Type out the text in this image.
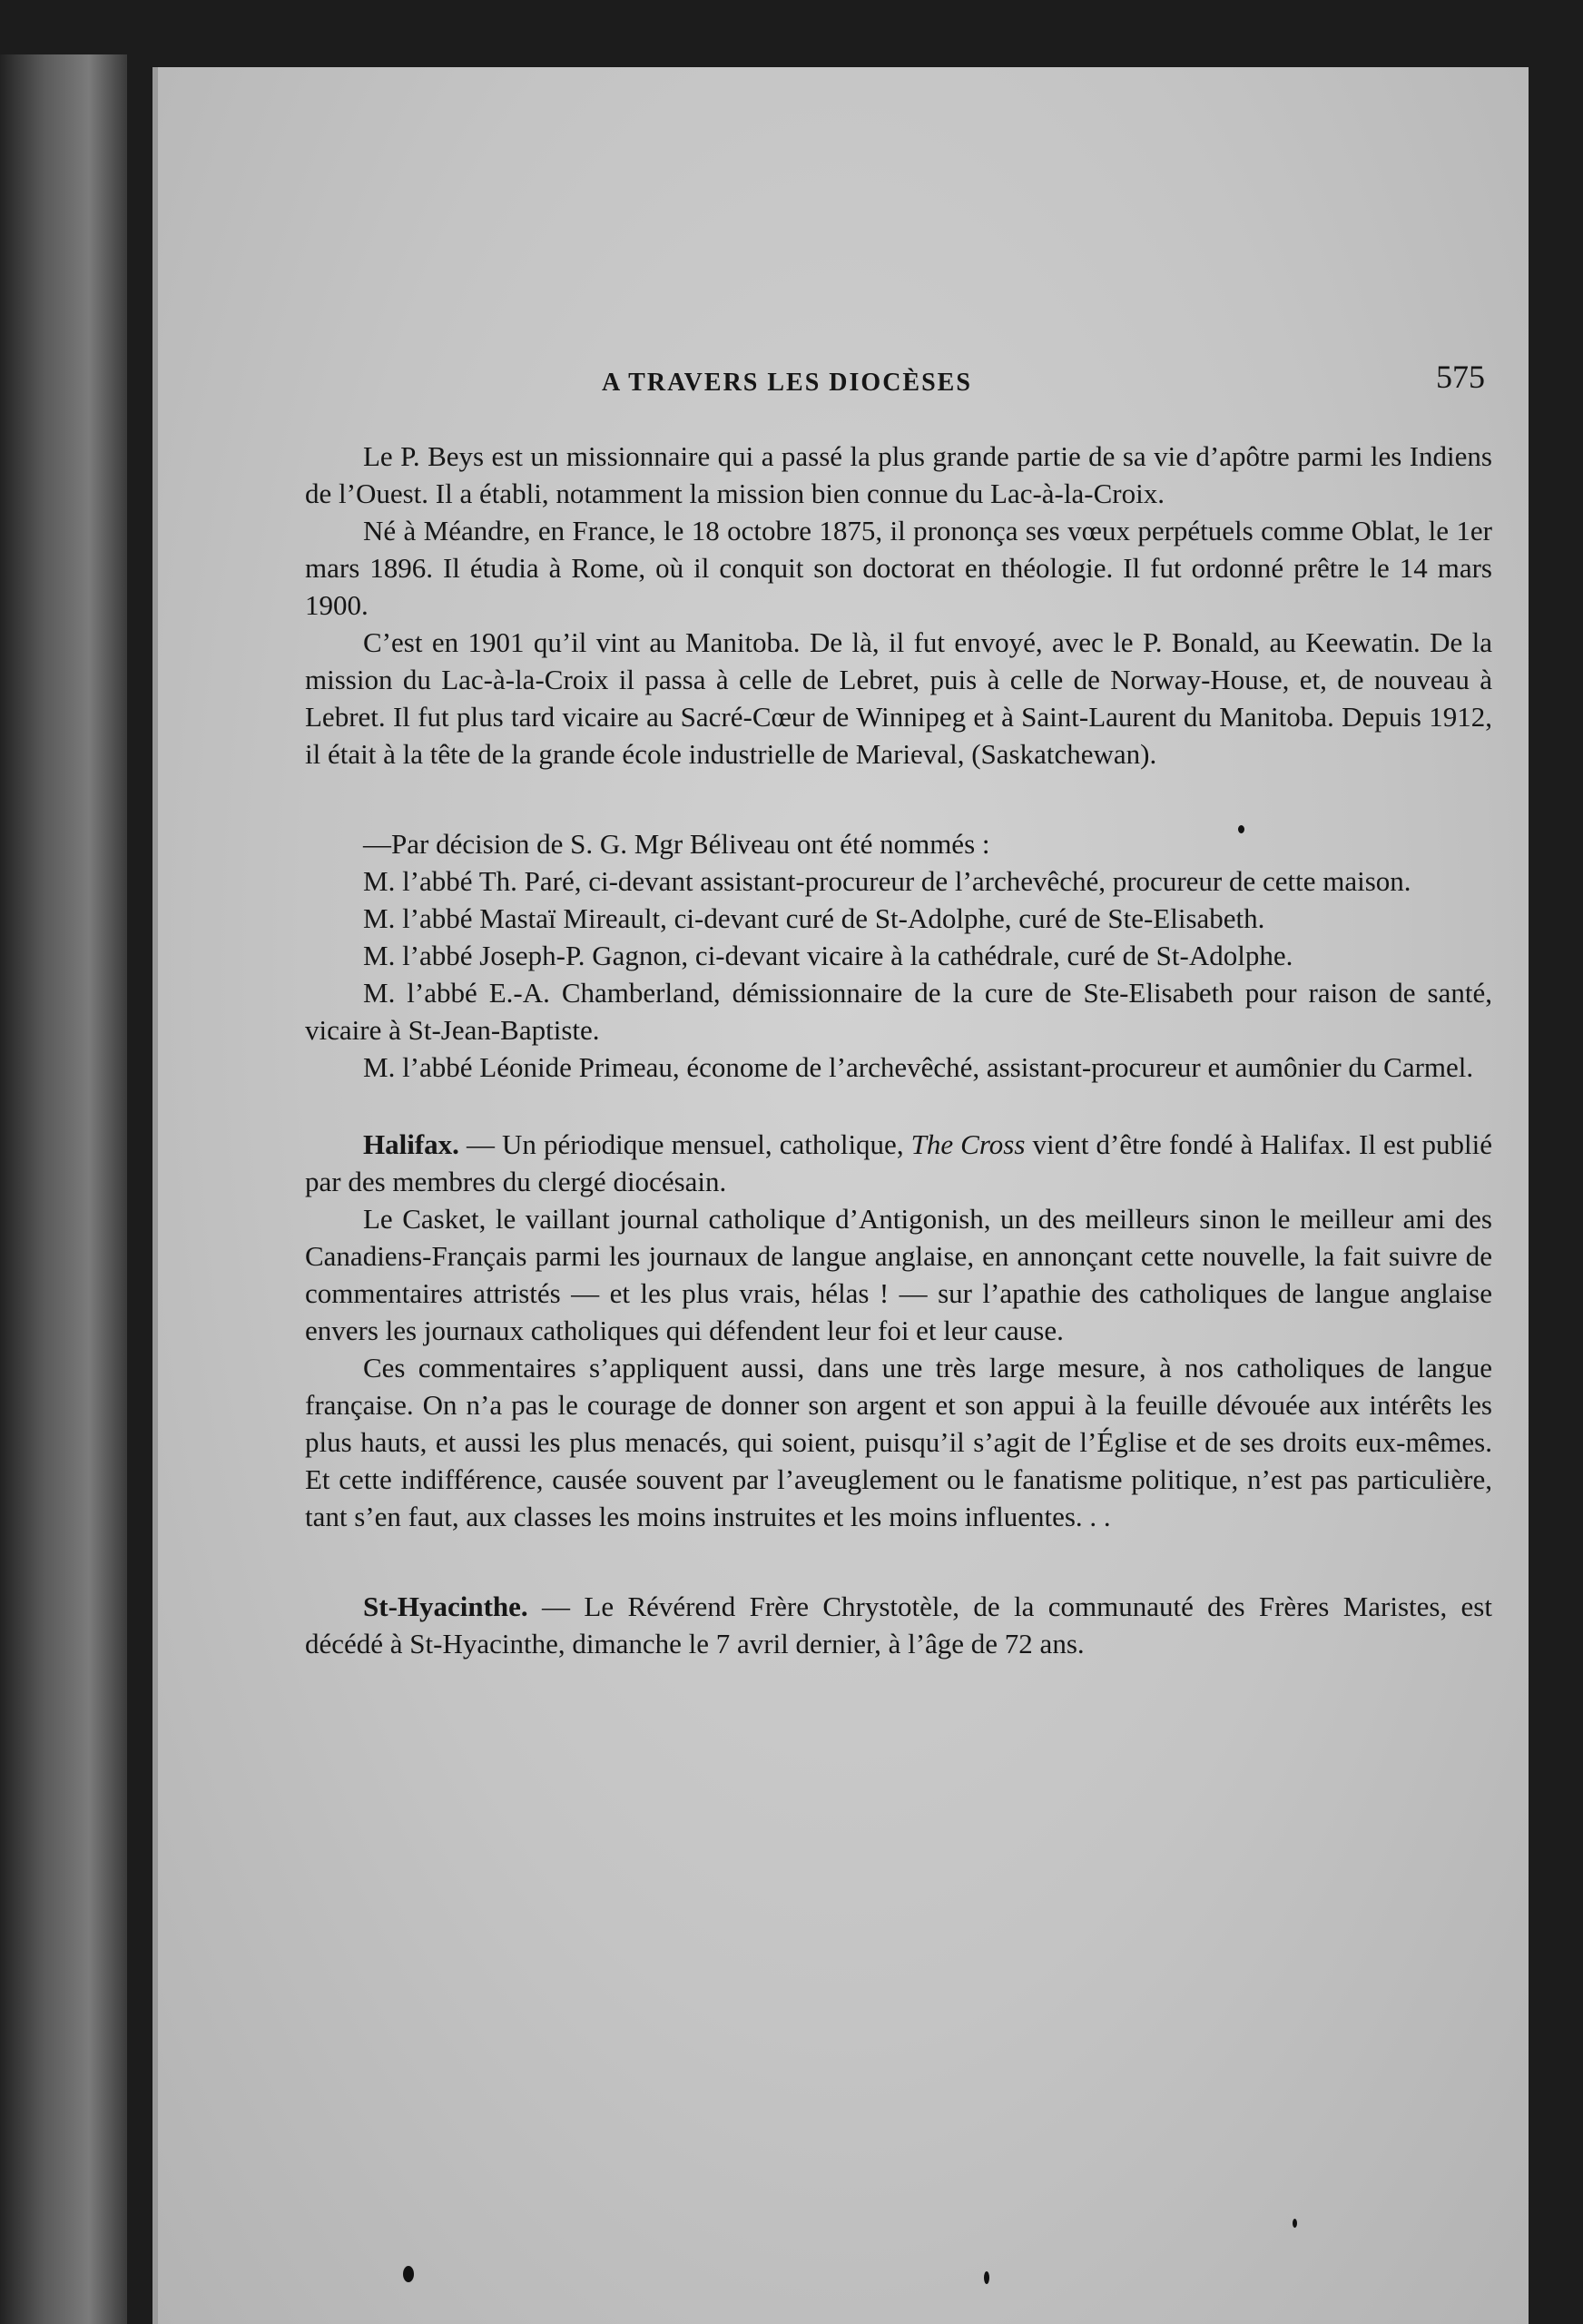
A TRAVERS LES DIOCÈSES	575

Le P. Beys est un missionnaire qui a passé la plus grande partie de sa vie d’apôtre parmi les Indiens de l’Ouest. Il a établi, notamment la mission bien connue du Lac-à-la-Croix.

Né à Méandre, en France, le 18 octobre 1875, il prononça ses vœux perpétuels comme Oblat, le 1er mars 1896. Il étudia à Rome, où il conquit son doctorat en théologie. Il fut ordonné prêtre le 14 mars 1900.

C’est en 1901 qu’il vint au Manitoba. De là, il fut envoyé, avec le P. Bonald, au Keewatin. De la mission du Lac-à-la-Croix il passa à celle de Lebret, puis à celle de Norway-House, et, de nouveau à Lebret. Il fut plus tard vicaire au Sacré-Cœur de Winnipeg et à Saint-Laurent du Manitoba. Depuis 1912, il était à la tête de la grande école industrielle de Marieval, (Saskatchewan).

—Par décision de S. G. Mgr Béliveau ont été nommés :

M. l’abbé Th. Paré, ci-devant assistant-procureur de l’archevêché, procureur de cette maison.

M. l’abbé Mastaï Mireault, ci-devant curé de St-Adolphe, curé de Ste-Elisabeth.

M. l’abbé Joseph-P. Gagnon, ci-devant vicaire à la cathédrale, curé de St-Adolphe.

M. l’abbé E.-A. Chamberland, démissionnaire de la cure de Ste-Elisabeth pour raison de santé, vicaire à St-Jean-Baptiste.

M. l’abbé Léonide Primeau, économe de l’archevêché, assistant-procureur et aumônier du Carmel.

Halifax. — Un périodique mensuel, catholique, The Cross vient d’être fondé à Halifax. Il est publié par des membres du clergé diocésain.

Le Casket, le vaillant journal catholique d’Antigonish, un des meilleurs sinon le meilleur ami des Canadiens-Français parmi les journaux de langue anglaise, en annonçant cette nouvelle, la fait suivre de commentaires attristés — et les plus vrais, hélas ! — sur l’apathie des catholiques de langue anglaise envers les journaux catholiques qui défendent leur foi et leur cause.

Ces commentaires s’appliquent aussi, dans une très large mesure, à nos catholiques de langue française. On n’a pas le courage de donner son argent et son appui à la feuille dévouée aux intérêts les plus hauts, et aussi les plus menacés, qui soient, puisqu’il s’agit de l’Église et de ses droits eux-mêmes. Et cette indifférence, causée souvent par l’aveuglement ou le fanatisme politique, n’est pas particulière, tant s’en faut, aux classes les moins instruites et les moins influentes. . .

St-Hyacinthe. — Le Révérend Frère Chrystotèle, de la communauté des Frères Maristes, est décédé à St-Hyacinthe, dimanche le 7 avril dernier, à l’âge de 72 ans.
